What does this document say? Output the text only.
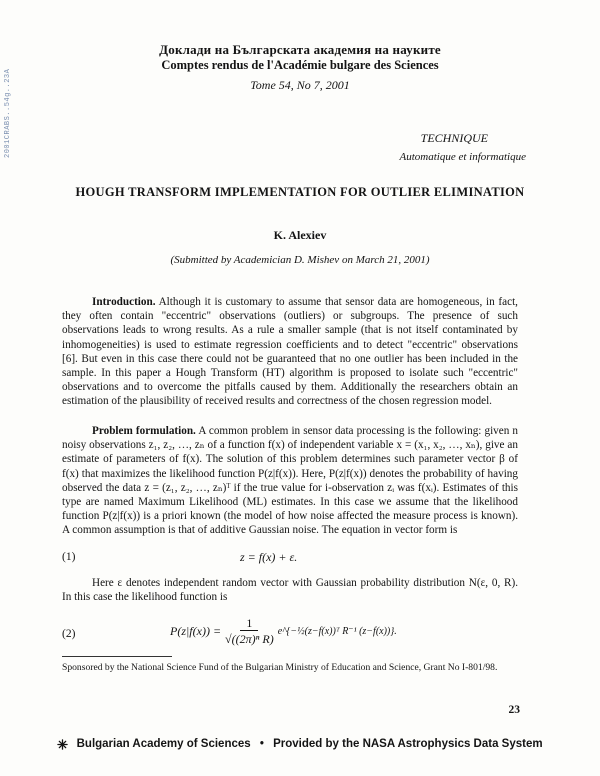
2001CRABS..54g..23A
Доклади на Българската академия на науките
Comptes rendus de l'Académie bulgare des Sciences
Tome 54, No 7, 2001
TECHNIQUE
Automatique et informatique
HOUGH TRANSFORM IMPLEMENTATION FOR OUTLIER ELIMINATION
K. Alexiev
(Submitted by Academician D. Mishev on March 21, 2001)
Introduction. Although it is customary to assume that sensor data are homogeneous, in fact, they often contain "eccentric" observations (outliers) or subgroups. The presence of such observations leads to wrong results. As a rule a smaller sample (that is not itself contaminated by inhomogeneities) is used to estimate regression coefficients and to detect "eccentric" observations [6]. But even in this case there could not be guaranteed that no one outlier has been included in the sample. In this paper a Hough Transform (HT) algorithm is proposed to isolate such "eccentric" observations and to overcome the pitfalls caused by them. Additionally the researchers obtain an estimation of the plausibility of received results and correctness of the chosen regression model.
Problem formulation. A common problem in sensor data processing is the following: given n noisy observations z₁, z₂, …, zₙ of a function f(x) of independent variable x = (x₁, x₂, …, xₙ), give an estimate of parameters of f(x). The solution of this problem determines such parameter vector β of f(x) that maximizes the likelihood function P(z|f(x)). Here, P(z|f(x)) denotes the probability of having observed the data z = (z₁, z₂, …, zₙ)ᵀ if the true value for i-observation zᵢ was f(xᵢ). Estimates of this type are named Maximum Likelihood (ML) estimates. In this case we assume that the likelihood function P(z|f(x)) is a priori known (the model of how noise affected the measure process is known). A common assumption is that of additive Gaussian noise. The equation in vector form is
(1)	z = f(x) + ε.
Here ε denotes independent random vector with Gaussian probability distribution N(ε, 0, R). In this case the likelihood function is
(2)	$P(z|f(x)) = \frac{1}{\text{√((2π)ⁿ R)}}$ e^{−½(z−f(x))ᵀ R⁻¹ (z−f(x))}.
Sponsored by the National Science Fund of the Bulgarian Ministry of Education and Science, Grant No I-801/98.
23
Bulgarian Academy of Sciences • Provided by the NASA Astrophysics Data System
